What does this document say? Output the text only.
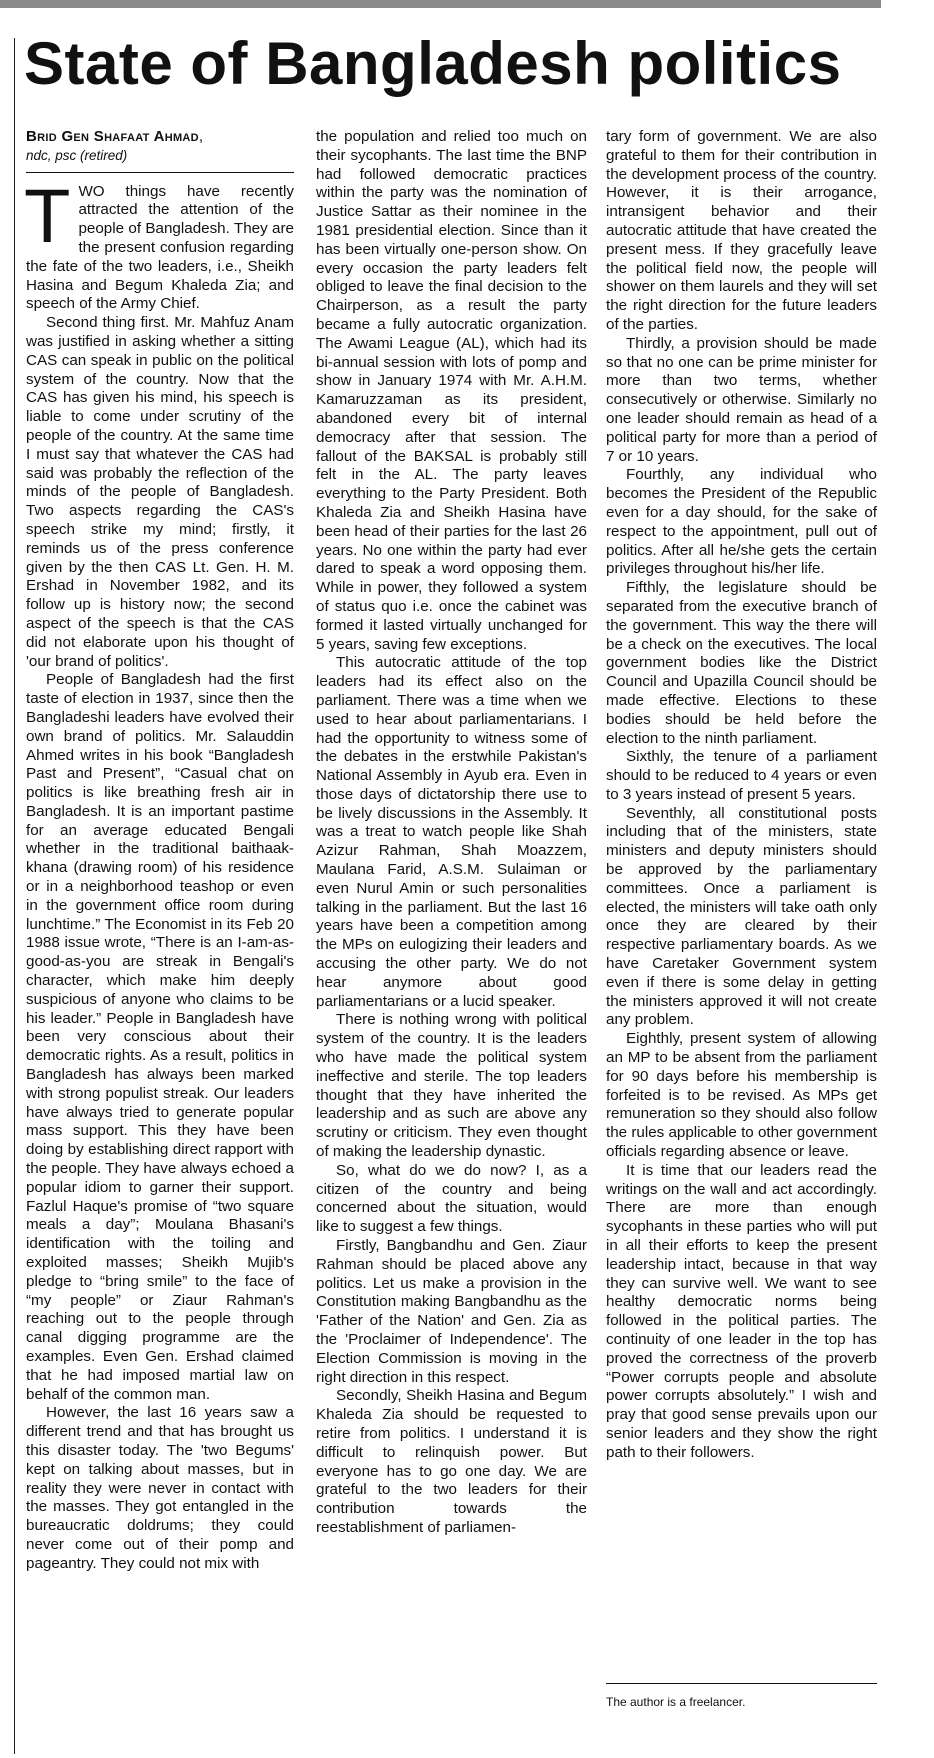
State of Bangladesh politics
Brid Gen Shafaat Ahmad,
ndc, psc (retired)

TWO things have recently attracted the attention of the people of Bangladesh. They are the present confusion regarding the fate of the two leaders, i.e., Sheikh Hasina and Begum Khaleda Zia; and speech of the Army Chief.

Second thing first. Mr. Mahfuz Anam was justified in asking whether a sitting CAS can speak in public on the political system of the country. Now that the CAS has given his mind, his speech is liable to come under scrutiny of the people of the country. At the same time I must say that whatever the CAS had said was probably the reflection of the minds of the people of Bangladesh. Two aspects regarding the CAS's speech strike my mind; firstly, it reminds us of the press conference given by the then CAS Lt. Gen. H. M. Ershad in November 1982, and its follow up is history now; the second aspect of the speech is that the CAS did not elaborate upon his thought of 'our brand of politics'.

People of Bangladesh had the first taste of election in 1937, since then the Bangladeshi leaders have evolved their own brand of politics. Mr. Salauddin Ahmed writes in his book “Bangladesh Past and Present”, “Casual chat on politics is like breathing fresh air in Bangladesh. It is an important pastime for an average educated Bengali whether in the traditional baithaak-khana (drawing room) of his residence or in a neighborhood teashop or even in the government office room during lunchtime.” The Economist in its Feb 20 1988 issue wrote, “There is an I-am-as-good-as-you are streak in Bengali's character, which make him deeply suspicious of anyone who claims to be his leader.” People in Bangladesh have been very conscious about their democratic rights. As a result, politics in Bangladesh has always been marked with strong populist streak. Our leaders have always tried to generate popular mass support. This they have been doing by establishing direct rapport with the people. They have always echoed a popular idiom to garner their support. Fazlul Haque's promise of “two square meals a day”; Moulana Bhasani's identification with the toiling and exploited masses; Sheikh Mujib's pledge to “bring smile” to the face of “my people” or Ziaur Rahman's reaching out to the people through canal digging programme are the examples. Even Gen. Ershad claimed that he had imposed martial law on behalf of the common man.

However, the last 16 years saw a different trend and that has brought us this disaster today. The 'two Begums' kept on talking about masses, but in reality they were never in contact with the masses. They got entangled in the bureaucratic doldrums; they could never come out of their pomp and pageantry. They could not mix with

the population and relied too much on their sycophants. The last time the BNP had followed democratic practices within the party was the nomination of Justice Sattar as their nominee in the 1981 presidential election. Since than it has been virtually one-person show. On every occasion the party leaders felt obliged to leave the final decision to the Chairperson, as a result the party became a fully autocratic organization. The Awami League (AL), which had its bi-annual session with lots of pomp and show in January 1974 with Mr. A.H.M. Kamaruzzaman as its president, abandoned every bit of internal democracy after that session. The fallout of the BAKSAL is probably still felt in the AL. The party leaves everything to the Party President. Both Khaleda Zia and Sheikh Hasina have been head of their parties for the last 26 years. No one within the party had ever dared to speak a word opposing them. While in power, they followed a system of status quo i.e. once the cabinet was formed it lasted virtually unchanged for 5 years, saving few exceptions.

This autocratic attitude of the top leaders had its effect also on the parliament. There was a time when we used to hear about parliamentarians. I had the opportunity to witness some of the debates in the erstwhile Pakistan's National Assembly in Ayub era. Even in those days of dictatorship there use to be lively discussions in the Assembly. It was a treat to watch people like Shah Azizur Rahman, Shah Moazzem, Maulana Farid, A.S.M. Sulaiman or even Nurul Amin or such personalities talking in the parliament. But the last 16 years have been a competition among the MPs on eulogizing their leaders and accusing the other party. We do not hear anymore about good parliamentarians or a lucid speaker.

There is nothing wrong with political system of the country. It is the leaders who have made the political system ineffective and sterile. The top leaders thought that they have inherited the leadership and as such are above any scrutiny or criticism. They even thought of making the leadership dynastic.

So, what do we do now? I, as a citizen of the country and being concerned about the situation, would like to suggest a few things.

Firstly, Bangbandhu and Gen. Ziaur Rahman should be placed above any politics. Let us make a provision in the Constitution making Bangbandhu as the 'Father of the Nation' and Gen. Zia as the 'Proclaimer of Independence'. The Election Commission is moving in the right direction in this respect.

Secondly, Sheikh Hasina and Begum Khaleda Zia should be requested to retire from politics. I understand it is difficult to relinquish power. But everyone has to go one day. We are grateful to the two leaders for their contribution towards the reestablishment of parliamen-

tary form of government. We are also grateful to them for their contribution in the development process of the country. However, it is their arrogance, intransigent behavior and their autocratic attitude that have created the present mess. If they gracefully leave the political field now, the people will shower on them laurels and they will set the right direction for the future leaders of the parties.

Thirdly, a provision should be made so that no one can be prime minister for more than two terms, whether consecutively or otherwise. Similarly no one leader should remain as head of a political party for more than a period of 7 or 10 years.

Fourthly, any individual who becomes the President of the Republic even for a day should, for the sake of respect to the appointment, pull out of politics. After all he/she gets the certain privileges throughout his/her life.

Fifthly, the legislature should be separated from the executive branch of the government. This way the there will be a check on the executives. The local government bodies like the District Council and Upazilla Council should be made effective. Elections to these bodies should be held before the election to the ninth parliament.

Sixthly, the tenure of a parliament should to be reduced to 4 years or even to 3 years instead of present 5 years.

Seventhly, all constitutional posts including that of the ministers, state ministers and deputy ministers should be approved by the parliamentary committees. Once a parliament is elected, the ministers will take oath only once they are cleared by their respective parliamentary boards. As we have Caretaker Government system even if there is some delay in getting the ministers approved it will not create any problem.

Eighthly, present system of allowing an MP to be absent from the parliament for 90 days before his membership is forfeited is to be revised. As MPs get remuneration so they should also follow the rules applicable to other government officials regarding absence or leave.

It is time that our leaders read the writings on the wall and act accordingly. There are more than enough sycophants in these parties who will put in all their efforts to keep the present leadership intact, because in that way they can survive well. We want to see healthy democratic norms being followed in the political parties. The continuity of one leader in the top has proved the correctness of the proverb “Power corrupts people and absolute power corrupts absolutely.” I wish and pray that good sense prevails upon our senior leaders and they show the right path to their followers.

The author is a freelancer.
